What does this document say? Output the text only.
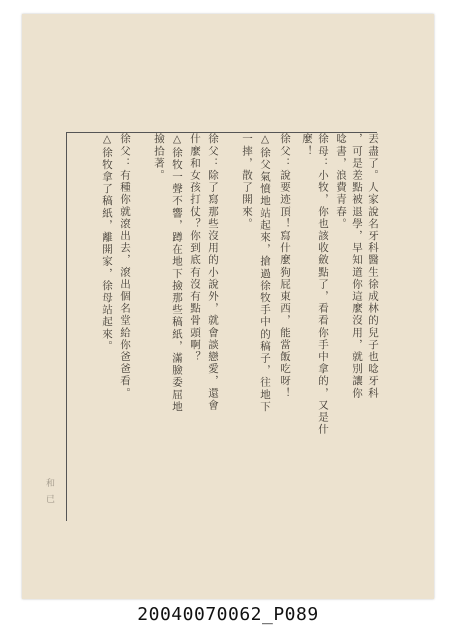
丟盡了。人家說名牙科醫生徐成林的兒子也唸牙科
，可是差點被退學，早知道你這麼沒用，就別讓你
唸書，浪費青春。
徐母：小牧，你也該收斂點了，看看你手中拿的，又是什
麼！
徐父：說要迹頂！寫什麼狗屁東西，能當飯吃呀！
△徐父氣憤地站起來，搶過徐牧手中的稿子，往地下
一摔，散了開來。
徐父：除了寫那些沒用的小說外，就會談戀愛，還會
什麼和女孩打仗？你到底有沒有點骨頭啊？
△徐牧一聲不響，蹲在地下撿那些稿紙，滿臉委屈地
撿拾著。
徐父：有種你就滾出去，滾出個名堂給你爸爸看。
△徐牧拿了稿紙，離開家，徐母站起來。
和
已
20040070062_P089
